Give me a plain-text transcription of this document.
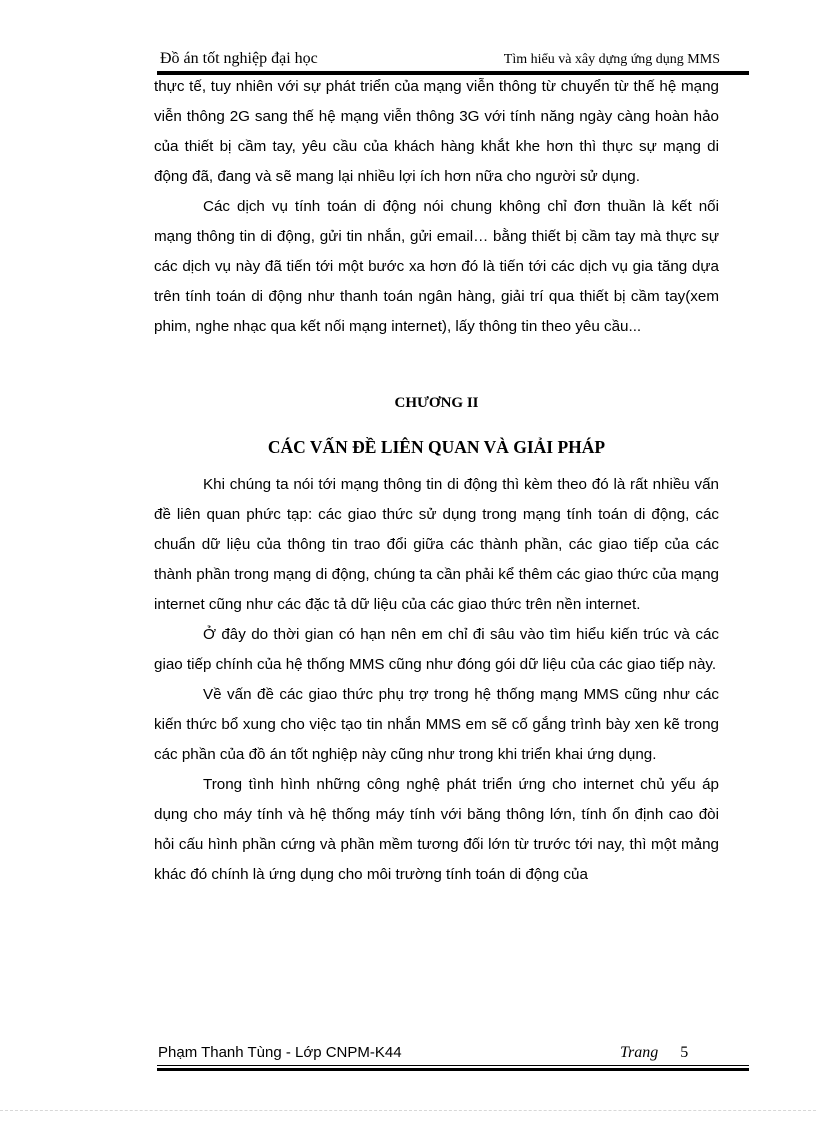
Đồ án tốt nghiệp đại học	Tìm hiểu và xây dựng ứng dụng MMS

thực tế, tuy nhiên với sự phát triển của mạng viễn thông từ chuyển từ thế hệ mạng viễn thông 2G sang thế hệ mạng viễn thông 3G với tính năng ngày càng hoàn hảo của thiết bị cầm tay, yêu cầu của khách hàng khắt khe hơn thì thực sự mạng di động đã, đang và sẽ mang lại nhiều lợi ích hơn nữa cho người sử dụng.

Các dịch vụ tính toán di động nói chung không chỉ đơn thuần là kết nối mạng thông tin di động, gửi tin nhắn, gửi email… bằng thiết bị cầm tay mà thực sự các dịch vụ này đã tiến tới một bước xa hơn đó là tiến tới các dịch vụ gia tăng dựa trên tính toán di động như thanh toán ngân hàng, giải trí qua thiết bị cầm tay(xem phim, nghe nhạc qua kết nối mạng internet), lấy thông tin theo yêu cầu...

CHƯƠNG II
CÁC VẤN ĐỀ LIÊN QUAN VÀ GIẢI PHÁP

Khi chúng ta nói tới mạng thông tin di động thì kèm theo đó là rất nhiều vấn đề liên quan phức tạp: các giao thức sử dụng trong mạng tính toán di động, các chuẩn dữ liệu của thông tin trao đổi giữa các thành phần, các giao tiếp của các thành phần trong mạng di động, chúng ta cần phải kể thêm các giao thức của mạng internet cũng như các đặc tả dữ liệu của các giao thức trên nền internet.

Ở đây do thời gian có hạn nên em chỉ đi sâu vào tìm hiểu kiến trúc và các giao tiếp chính của hệ thống MMS cũng như đóng gói dữ liệu của các giao tiếp này.

Về vấn đề các giao thức phụ trợ trong hệ thống mạng MMS cũng như các kiến thức bổ xung cho việc tạo tin nhắn MMS em sẽ cố gắng trình bày xen kẽ trong các phần của đồ án tốt nghiệp này cũng như trong khi triển khai ứng dụng.

Trong tình hình những công nghệ phát triển ứng cho internet chủ yếu áp dụng cho máy tính và hệ thống máy tính với băng thông lớn, tính ổn định cao đòi hỏi cấu hình phần cứng và phần mềm tương đối lớn từ trước tới nay, thì một mảng khác đó chính là ứng dụng cho môi trường tính toán di động của

Phạm Thanh Tùng - Lớp CNPM-K44	Trang 5
